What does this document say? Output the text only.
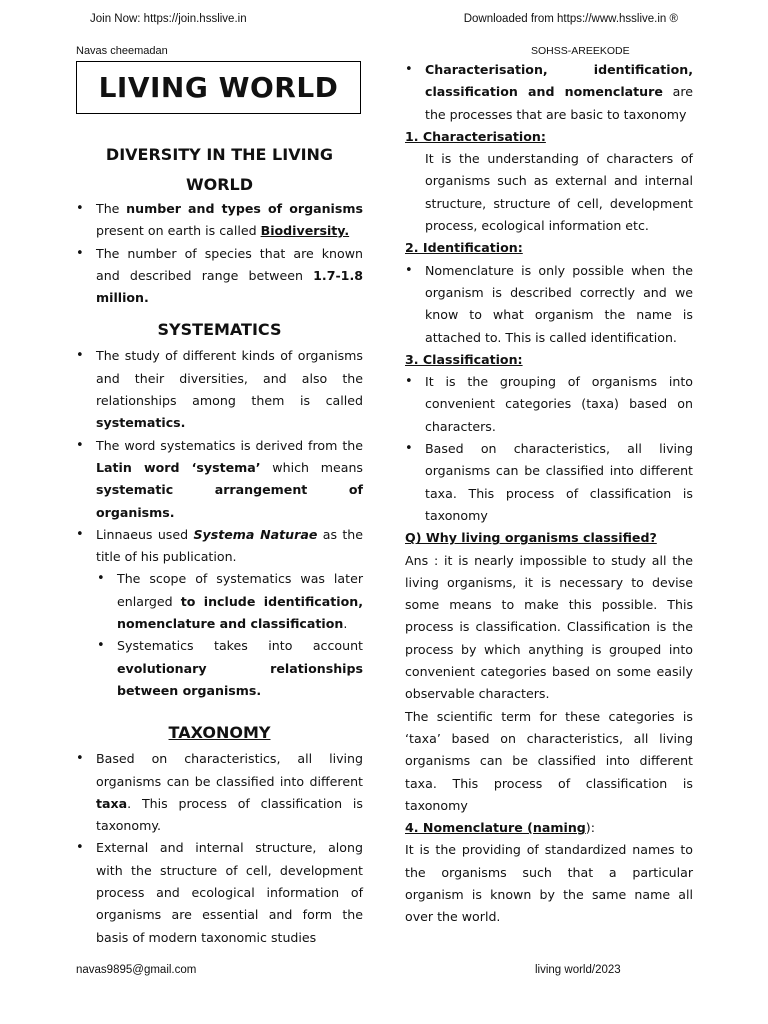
Join Now: https://join.hsslive.in	Downloaded from https://www.hsslive.in ®
Navas cheemadan	SOHSS-AREEKODE
LIVING WORLD
DIVERSITY IN THE LIVING
WORLD
• The number and types of organisms present on earth is called Biodiversity.
• The number of species that are known and described range between 1.7-1.8 million.
SYSTEMATICS
• The study of different kinds of organisms and their diversities, and also the relationships among them is called systematics.
• The word systematics is derived from the Latin word ‘systema’ which means systematic arrangement of organisms.
• Linnaeus used Systema Naturae as the title of his publication.
• The scope of systematics was later enlarged to include identification, nomenclature and classification.
• Systematics takes into account evolutionary relationships between organisms.
TAXONOMY
• Based on characteristics, all living organisms can be classified into different taxa. This process of classification is taxonomy.
• External and internal structure, along with the structure of cell, development process and ecological information of organisms are essential and form the basis of modern taxonomic studies
• Characterisation, identification, classification and nomenclature are the processes that are basic to taxonomy
1. Characterisation:
It is the understanding of characters of organisms such as external and internal structure, structure of cell, development process, ecological information etc.
2. Identification:
• Nomenclature is only possible when the organism is described correctly and we know to what organism the name is attached to. This is called identification.
3. Classification:
• It is the grouping of organisms into convenient categories (taxa) based on characters.
• Based on characteristics, all living organisms can be classified into different taxa. This process of classification is taxonomy
Q) Why living organisms classified?
Ans : it is nearly impossible to study all the living organisms, it is necessary to devise some means to make this possible. This process is classification. Classification is the process by which anything is grouped into convenient categories based on some easily observable characters.
The scientific term for these categories is ‘taxa’ based on characteristics, all living organisms can be classified into different taxa. This process of classification is taxonomy
4. Nomenclature (naming):
It is the providing of standardized names to the organisms such that a particular organism is known by the same name all over the world.
navas9895@gmail.com	living world/2023
